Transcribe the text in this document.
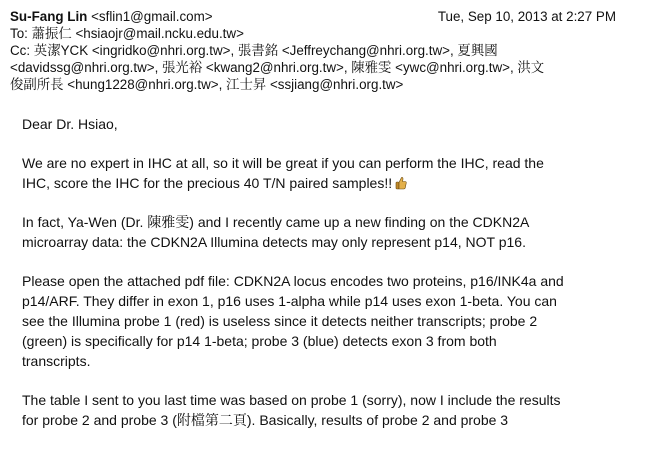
Su-Fang Lin <sflin1@gmail.com>	Tue, Sep 10, 2013 at 2:27 PM
To: 蕭振仁 <hsiaojr@mail.ncku.edu.tw>
Cc: 英潔YCK <ingridko@nhri.org.tw>, 張書銘 <Jeffreychang@nhri.org.tw>, 夏興國
<davidssg@nhri.org.tw>, 張光裕 <kwang2@nhri.org.tw>, 陳雅雯 <ywc@nhri.org.tw>, 洪文
俊副所長 <hung1228@nhri.org.tw>, 江士昇 <ssjiang@nhri.org.tw>

Dear Dr. Hsiao,

We are no expert in IHC at all, so it will be great if you can perform the IHC, read the
IHC, score the IHC for the precious 40 T/N paired samples!!

In fact, Ya-Wen (Dr. 陳雅雯) and I recently came up a new finding on the CDKN2A
microarray data: the CDKN2A Illumina detects may only represent p14, NOT p16.

Please open the attached pdf file: CDKN2A locus encodes two proteins, p16/INK4a and
p14/ARF. They differ in exon 1, p16 uses 1-alpha while p14 uses exon 1-beta. You can
see the Illumina probe 1 (red) is useless since it detects neither transcripts; probe 2
(green) is specifically for p14 1-beta; probe 3 (blue) detects exon 3 from both
transcripts.

The table I sent to you last time was based on probe 1 (sorry), now I include the results
for probe 2 and probe 3 (附檔第二頁). Basically, results of probe 2 and probe 3
